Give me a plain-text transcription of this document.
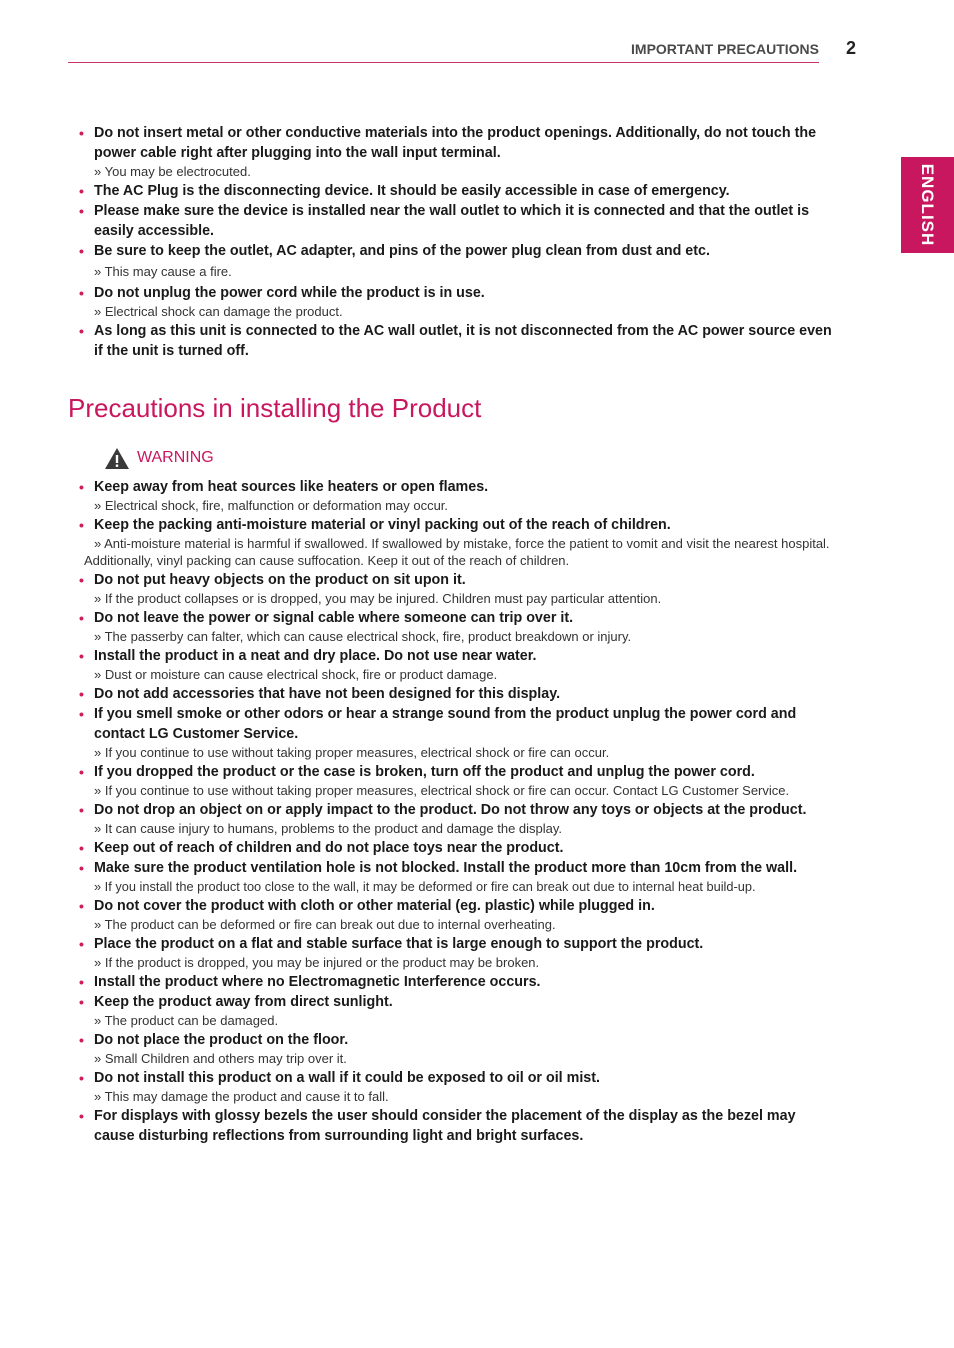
IMPORTANT PRECAUTIONS 2
ENGLISH
• Do not insert metal or other conductive materials into the product openings. Additionally, do not touch the power cable right after plugging into the wall input terminal.
» You may be electrocuted.
• The AC Plug is the disconnecting device. It should be easily accessible in case of emergency.
• Please make sure the device is installed near the wall outlet to which it is connected and that the outlet is easily accessible.
• Be sure to keep the outlet, AC adapter, and pins of the power plug clean from dust and etc.
» This may cause a fire.
• Do not unplug the power cord while the product is in use.
» Electrical shock can damage the product.
• As long as this unit is connected to the AC wall outlet, it is not disconnected from the AC power source even if the unit is turned off.
Precautions in installing the Product
WARNING
• Keep away from heat sources like heaters or open flames.
» Electrical shock, fire, malfunction or deformation may occur.
• Keep the packing anti-moisture material or vinyl packing out of the reach of children.
» Anti-moisture material is harmful if swallowed. If swallowed by mistake, force the patient to vomit and visit the nearest hospital. Additionally, vinyl packing can cause suffocation. Keep it out of the reach of children.
• Do not put heavy objects on the product on sit upon it.
» If the product collapses or is dropped, you may be injured. Children must pay particular attention.
• Do not leave the power or signal cable where someone can trip over it.
» The passerby can falter, which can cause electrical shock, fire, product breakdown or injury.
• Install the product in a neat and dry place. Do not use near water.
» Dust or moisture can cause electrical shock, fire or product damage.
• Do not add accessories that have not been designed for this display.
• If you smell smoke or other odors or hear a strange sound from the product unplug the power cord and contact LG Customer Service.
» If you continue to use without taking proper measures, electrical shock or fire can occur.
• If you dropped the product or the case is broken, turn off the product and unplug the power cord.
» If you continue to use without taking proper measures, electrical shock or fire can occur. Contact LG Customer Service.
• Do not drop an object on or apply impact to the product. Do not throw any toys or objects at the product.
» It can cause injury to humans, problems to the product and damage the display.
• Keep out of reach of children and do not place toys near the product.
• Make sure the product ventilation hole is not blocked. Install the product more than 10cm from the wall.
» If you install the product too close to the wall, it may be deformed or fire can break out due to internal heat build-up.
• Do not cover the product with cloth or other material (eg. plastic) while plugged in.
» The product can be deformed or fire can break out due to internal overheating.
• Place the product on a flat and stable surface that is large enough to support the product.
» If the product is dropped, you may be injured or the product may be broken.
• Install the product where no Electromagnetic Interference occurs.
• Keep the product away from direct sunlight.
» The product can be damaged.
• Do not place the product on the floor.
» Small Children and others may trip over it.
• Do not install this product on a wall if it could be exposed to oil or oil mist.
» This may damage the product and cause it to fall.
• For displays with glossy bezels the user should consider the placement of the display as the bezel may cause disturbing reflections from surrounding light and bright surfaces.
